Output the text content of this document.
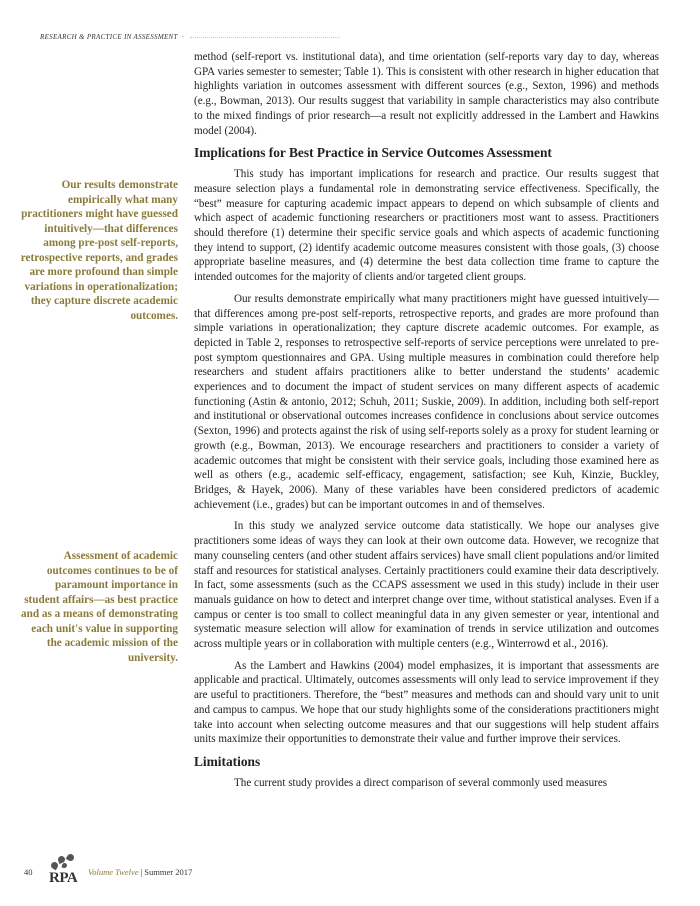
RESEARCH & PRACTICE IN ASSESSMENT ·
Our results demonstrate empirically what many practitioners might have guessed intuitively—that differences among pre-post self-reports, retrospective reports, and grades are more profound than simple variations in operationalization; they capture discrete academic outcomes.
Assessment of academic outcomes continues to be of paramount importance in student affairs—as best practice and as a means of demonstrating each unit's value in supporting the academic mission of the university.

method (self-report vs. institutional data), and time orientation (self-reports vary day to day, whereas GPA varies semester to semester; Table 1). This is consistent with other research in higher education that highlights variation in outcomes assessment with different sources (e.g., Sexton, 1996) and methods (e.g., Bowman, 2013). Our results suggest that variability in sample characteristics may also contribute to the mixed findings of prior research—a result not explicitly addressed in the Lambert and Hawkins model (2004).

Implications for Best Practice in Service Outcomes Assessment

This study has important implications for research and practice. Our results suggest that measure selection plays a fundamental role in demonstrating service effectiveness. Specifically, the “best” measure for capturing academic impact appears to depend on which subsample of clients and which aspect of academic functioning researchers or practitioners most want to assess. Practitioners should therefore (1) determine their specific service goals and which aspects of academic functioning they intend to support, (2) identify academic outcome measures consistent with those goals, (3) choose appropriate baseline measures, and (4) determine the best data collection time frame to capture the intended outcomes for the majority of clients and/or targeted client groups.

Our results demonstrate empirically what many practitioners might have guessed intuitively—that differences among pre-post self-reports, retrospective reports, and grades are more profound than simple variations in operationalization; they capture discrete academic outcomes. For example, as depicted in Table 2, responses to retrospective self-reports of service perceptions were unrelated to pre-post symptom questionnaires and GPA. Using multiple measures in combination could therefore help researchers and student affairs practitioners alike to better understand the students’ academic experiences and to document the impact of student services on many different aspects of academic functioning (Astin & antonio, 2012; Schuh, 2011; Suskie, 2009). In addition, including both self-report and institutional or observational outcomes increases confidence in conclusions about service outcomes (Sexton, 1996) and protects against the risk of using self-reports solely as a proxy for student learning or growth (e.g., Bowman, 2013). We encourage researchers and practitioners to consider a variety of academic outcomes that might be consistent with their service goals, including those examined here as well as others (e.g., academic self-efficacy, engagement, satisfaction; see Kuh, Kinzie, Buckley, Bridges, & Hayek, 2006). Many of these variables have been considered predictors of academic achievement (i.e., grades) but can be important outcomes in and of themselves.

In this study we analyzed service outcome data statistically. We hope our analyses give practitioners some ideas of ways they can look at their own outcome data. However, we recognize that many counseling centers (and other student affairs services) have small client populations and/or limited staff and resources for statistical analyses. Certainly practitioners could examine their data descriptively. In fact, some assessments (such as the CCAPS assessment we used in this study) include in their user manuals guidance on how to detect and interpret change over time, without statistical analyses. Even if a campus or center is too small to collect meaningful data in any given semester or year, intentional and systematic measure selection will allow for examination of trends in service utilization and outcomes across multiple years or in collaboration with multiple centers (e.g., Winterrowd et al., 2016).

As the Lambert and Hawkins (2004) model emphasizes, it is important that assessments are applicable and practical. Ultimately, outcomes assessments will only lead to service improvement if they are useful to practitioners. Therefore, the “best” measures and methods can and should vary unit to unit and campus to campus. We hope that our study highlights some of the considerations practitioners might take into account when selecting outcome measures and that our suggestions will help student affairs units maximize their opportunities to demonstrate their value and further improve their services.

Limitations

The current study provides a direct comparison of several commonly used measures

40	RPA Volume Twelve | Summer 2017
